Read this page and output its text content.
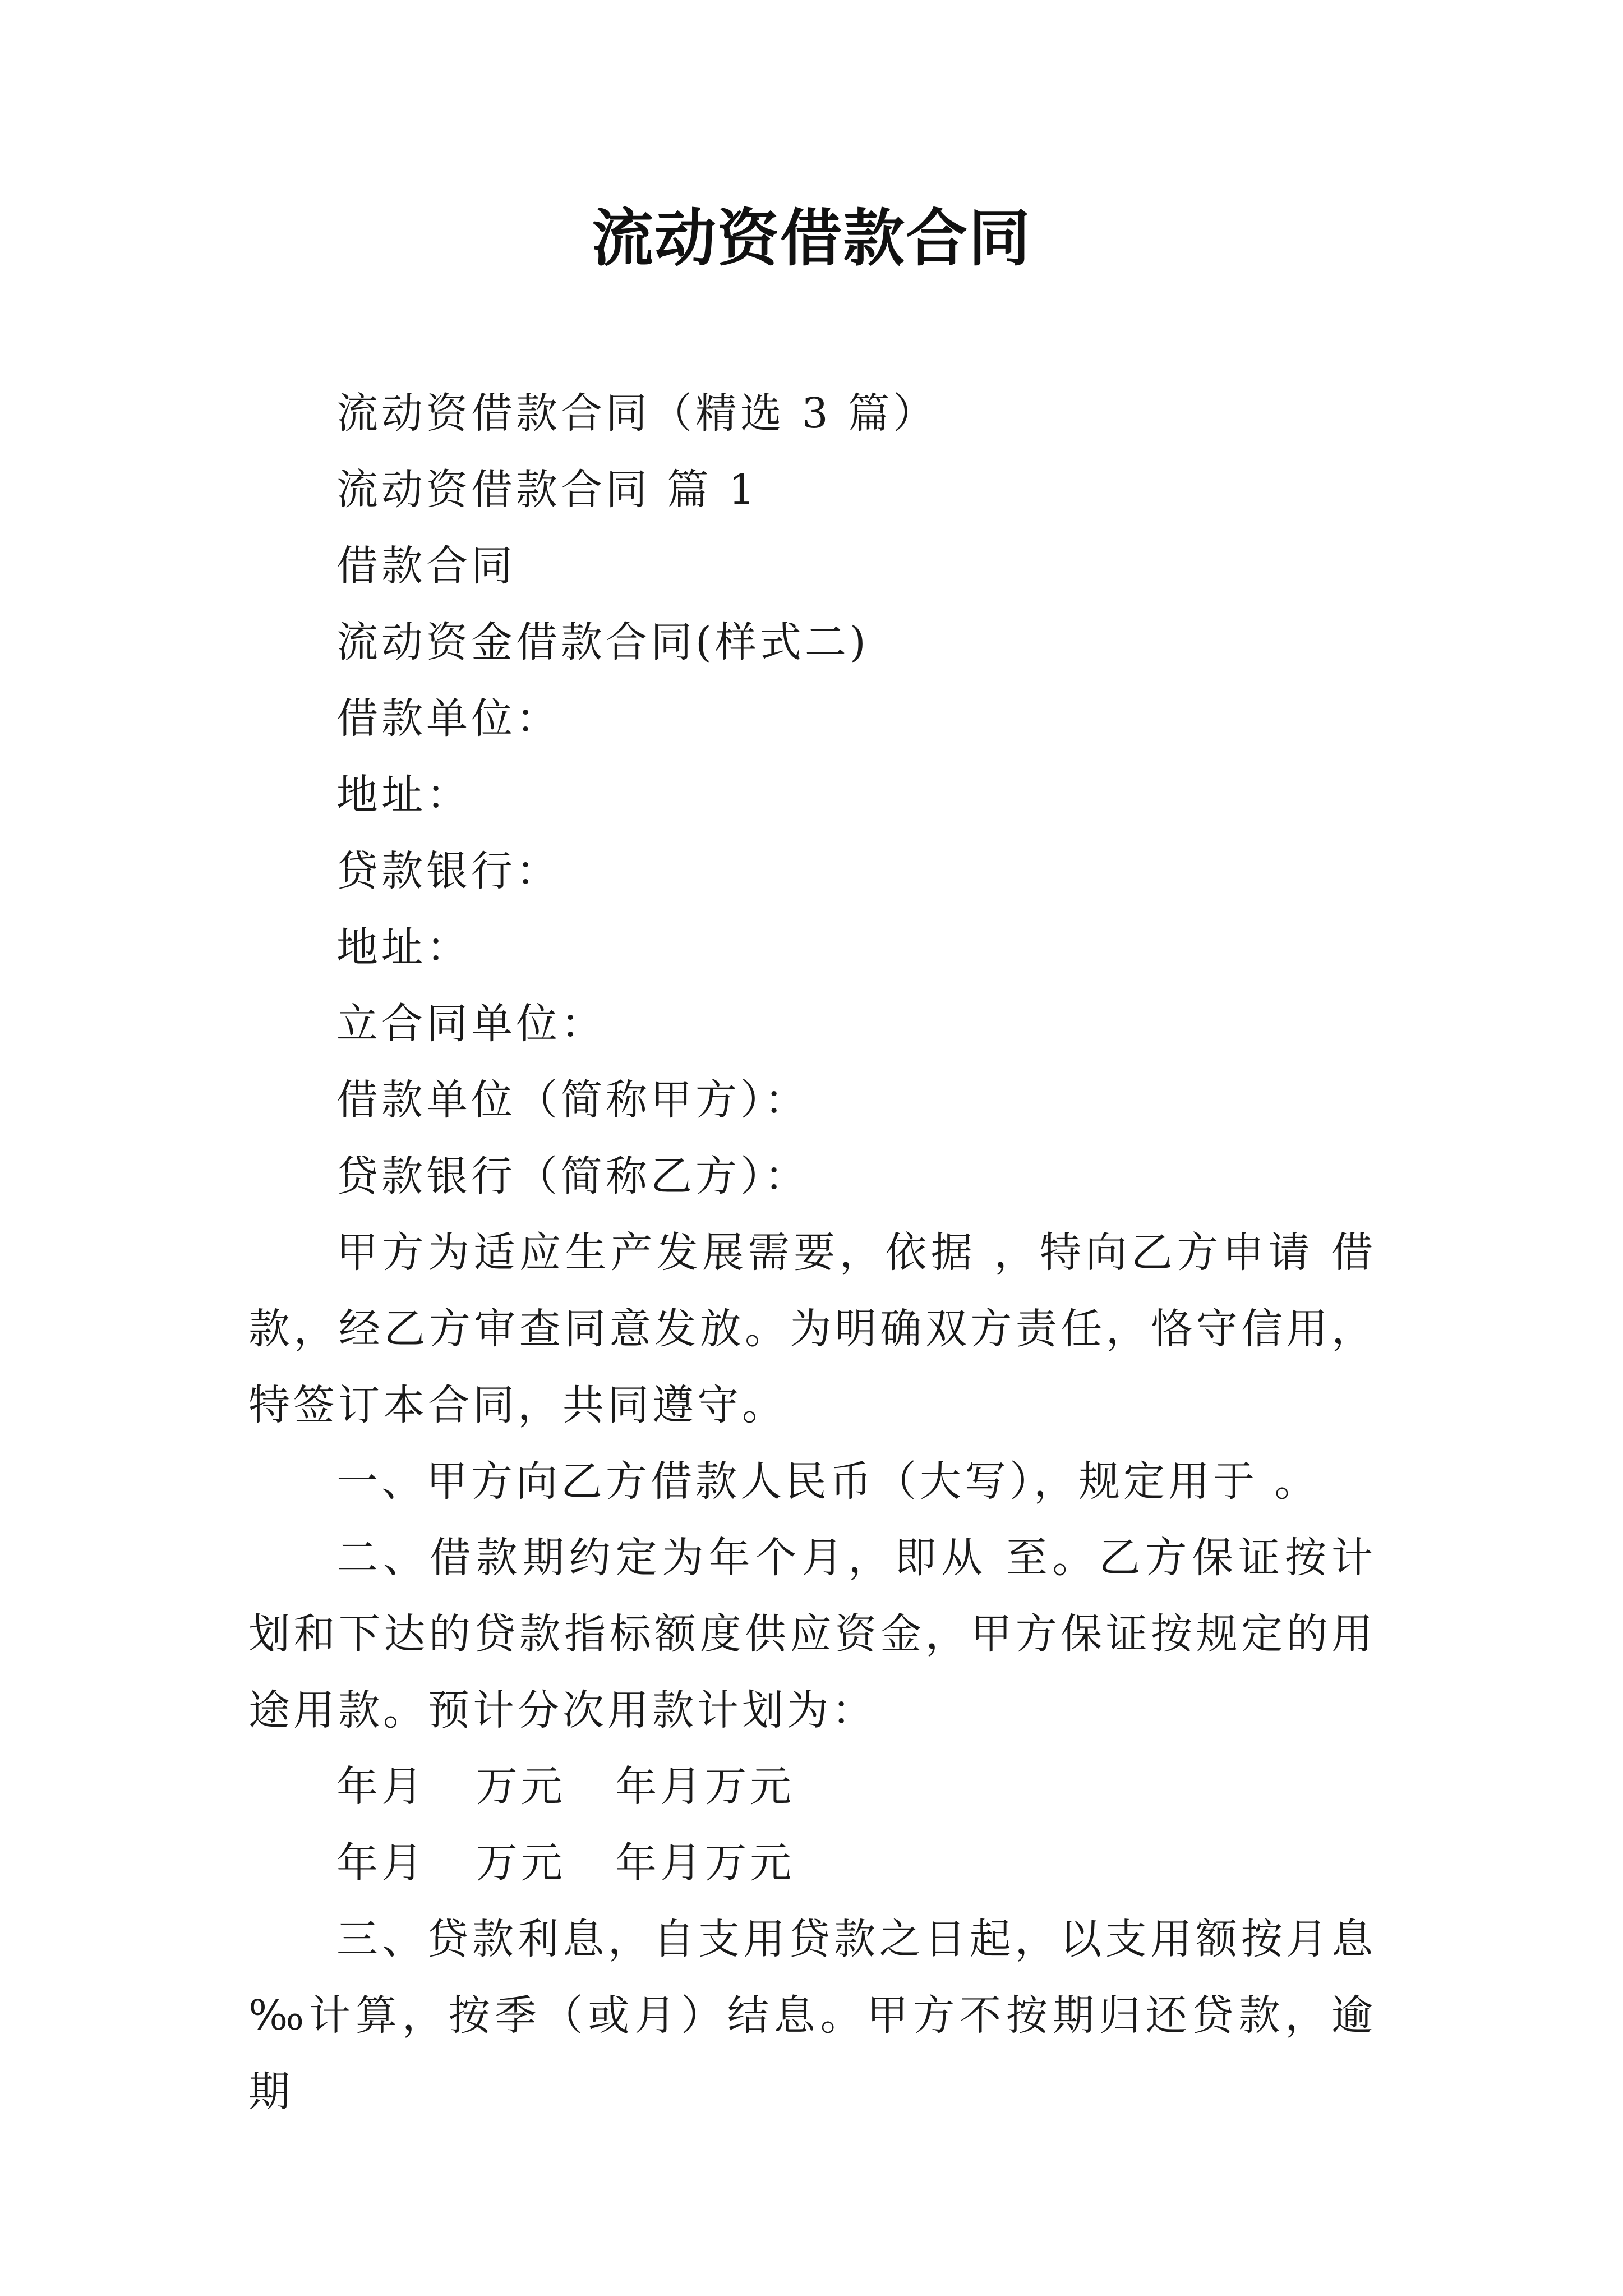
流动资借款合同
流动资借款合同（精选 3 篇）
流动资借款合同 篇 1
借款合同
流动资金借款合同(样式二)
借款单位：
地址：
贷款银行：
地址：
立合同单位：
借款单位（简称甲方）：
贷款银行（简称乙方）：
甲方为适应生产发展需要，依据 ，特向乙方申请 借款，经乙方审查同意发放。为明确双方责任，恪守信用，特签订本合同，共同遵守。
一、甲方向乙方借款人民币（大写），规定用于 。
二、借款期约定为年个月，即从 至。乙方保证按计划和下达的贷款指标额度供应资金，甲方保证按规定的用途用款。预计分次用款计划为：
年月   万元   年月万元
年月   万元   年月万元
三、贷款利息，自支用贷款之日起，以支用额按月息 ‰计算，按季（或月）结息。甲方不按期归还贷款，逾期
